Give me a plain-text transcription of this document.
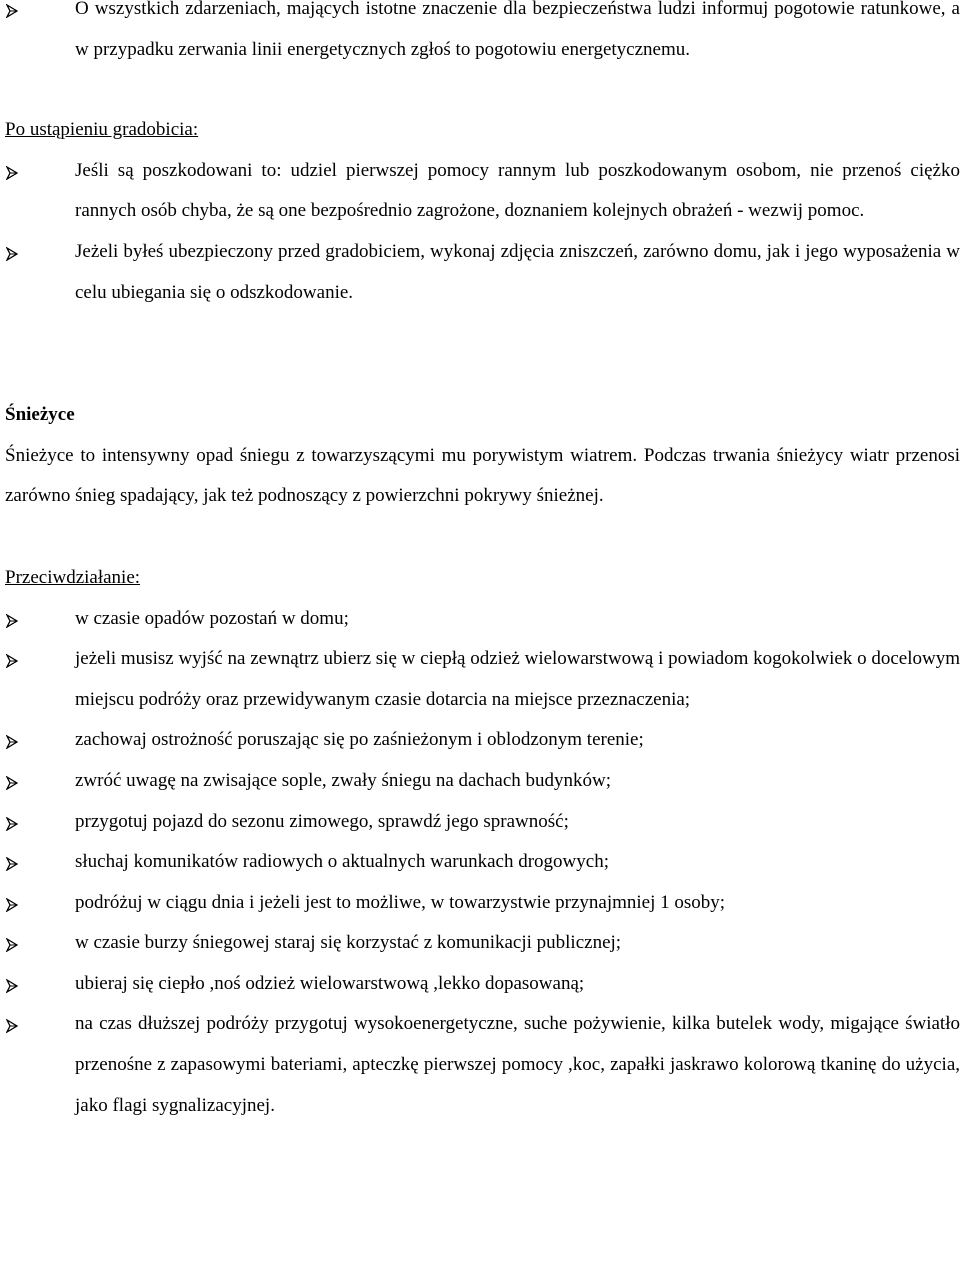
O wszystkich zdarzeniach, mających istotne znaczenie dla bezpieczeństwa ludzi informuj pogotowie ratunkowe, a w przypadku zerwania linii energetycznych zgłoś to pogotowiu energetycznemu.

Po ustąpieniu gradobicia:

Jeśli są poszkodowani to: udziel pierwszej pomocy rannym lub poszkodowanym osobom, nie przenoś ciężko rannych osób chyba, że są one bezpośrednio zagrożone, doznaniem kolejnych obrażeń - wezwij pomoc.
Jeżeli byłeś ubezpieczony przed gradobiciem, wykonaj zdjęcia zniszczeń, zarówno domu, jak i jego wyposażenia w celu ubiegania się o odszkodowanie.

Śnieżyce

Śnieżyce to intensywny opad śniegu z towarzyszącymi mu porywistym wiatrem. Podczas trwania śnieżycy wiatr przenosi zarówno śnieg spadający, jak też podnoszący z powierzchni pokrywy śnieżnej.

Przeciwdziałanie:

w czasie opadów pozostań w domu;
jeżeli musisz wyjść na zewnątrz ubierz się w ciepłą odzież wielowarstwową i powiadom kogokolwiek o docelowym miejscu podróży oraz przewidywanym czasie dotarcia na miejsce przeznaczenia;
zachowaj ostrożność poruszając się po zaśnieżonym i oblodzonym terenie;
zwróć uwagę na zwisające sople, zwały śniegu na dachach budynków;
przygotuj pojazd do sezonu zimowego, sprawdź jego sprawność;
słuchaj komunikatów radiowych o aktualnych warunkach drogowych;
podróżuj w ciągu dnia i jeżeli jest to możliwe, w towarzystwie przynajmniej 1 osoby;
w czasie burzy śniegowej staraj się korzystać z komunikacji publicznej;
ubieraj się ciepło ,noś odzież wielowarstwową ,lekko dopasowaną;
na czas dłuższej podróży przygotuj wysokoenergetyczne, suche pożywienie, kilka butelek wody, migające światło przenośne z zapasowymi bateriami, apteczkę pierwszej pomocy ,koc, zapałki jaskrawo kolorową tkaninę do użycia, jako flagi sygnalizacyjnej.
